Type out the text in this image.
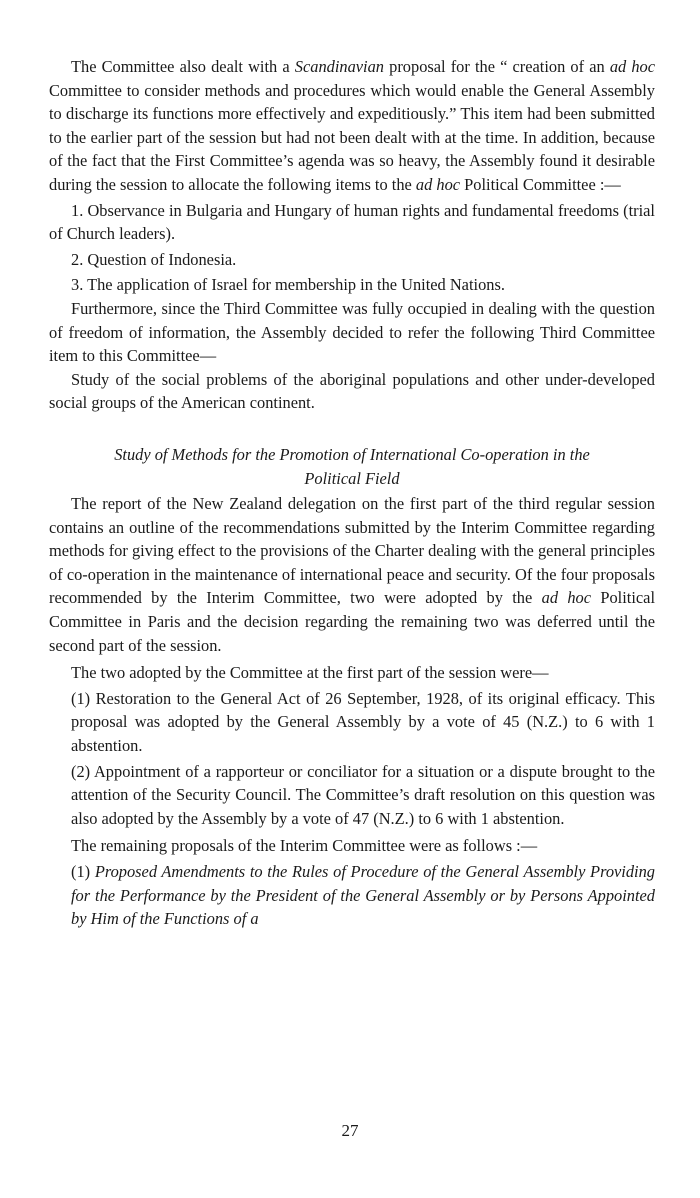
The Committee also dealt with a Scandinavian proposal for the “ creation of an ad hoc Committee to consider methods and procedures which would enable the General Assembly to discharge its functions more effectively and expeditiously.” This item had been submitted to the earlier part of the session but had not been dealt with at the time. In addition, because of the fact that the First Committee’s agenda was so heavy, the Assembly found it desirable during the session to allocate the following items to the ad hoc Political Committee :—

1. Observance in Bulgaria and Hungary of human rights and fundamental freedoms (trial of Church leaders).

2. Question of Indonesia.

3. The application of Israel for membership in the United Nations.

Furthermore, since the Third Committee was fully occupied in dealing with the question of freedom of information, the Assembly decided to refer the following Third Committee item to this Committee—

Study of the social problems of the aboriginal populations and other under-developed social groups of the American continent.

Study of Methods for the Promotion of International Co-operation in the
Political Field

The report of the New Zealand delegation on the first part of the third regular session contains an outline of the recommendations submitted by the Interim Committee regarding methods for giving effect to the provisions of the Charter dealing with the general principles of co-operation in the maintenance of international peace and security. Of the four proposals recommended by the Interim Committee, two were adopted by the ad hoc Political Committee in Paris and the decision regarding the remaining two was deferred until the second part of the session.

The two adopted by the Committee at the first part of the session were—

(1) Restoration to the General Act of 26 September, 1928, of its original efficacy. This proposal was adopted by the General Assembly by a vote of 45 (N.Z.) to 6 with 1 abstention.

(2) Appointment of a rapporteur or conciliator for a situation or a dispute brought to the attention of the Security Council. The Committee’s draft resolution on this question was also adopted by the Assembly by a vote of 47 (N.Z.) to 6 with 1 abstention.

The remaining proposals of the Interim Committee were as follows :—

(1) Proposed Amendments to the Rules of Procedure of the General Assembly Providing for the Performance by the President of the General Assembly or by Persons Appointed by Him of the Functions of a

27
